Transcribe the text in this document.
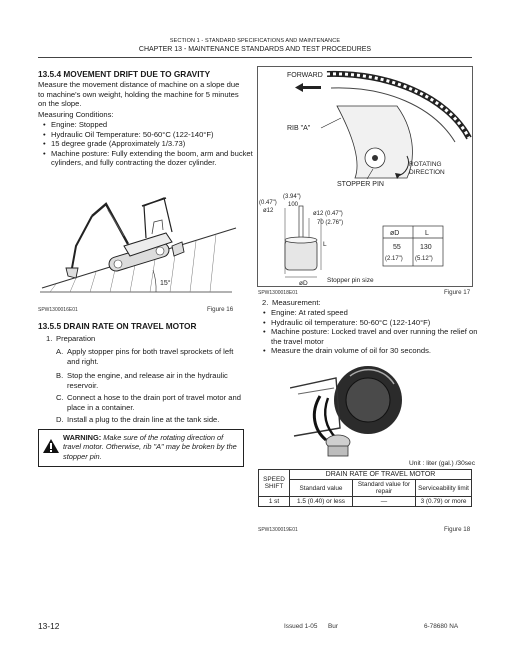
SECTION 1 - STANDARD SPECIFICATIONS AND MAINTENANCE
CHAPTER 13 - MAINTENANCE STANDARDS AND TEST PROCEDURES
13.5.4 MOVEMENT DRIFT DUE TO GRAVITY
Measure the movement distance of machine on a slope due to machine's own weight, holding the machine for 5 minutes on the slope.
Measuring Conditions:
• Engine: Stopped
• Hydraulic Oil Temperature: 50-60°C (122-140°F)
• 15 degree grade (Approximately 1/3.73)
• Machine posture: Fully extending the boom, arm and bucket cylinders, and fully contracting the dozer cylinder.
15°
SPW1300016E01	Figure 16
13.5.5 DRAIN RATE ON TRAVEL MOTOR
1. Preparation
A. Apply stopper pins for both travel sprockets of left and right.
B. Stop the engine, and release air in the hydraulic reservoir.
C. Connect a hose to the drain port of travel motor and place in a container.
D. Install a plug to the drain line at the tank side.
WARNING: Make sure of the rotating direction of travel motor. Otherwise, rib "A" may be broken by the stopper pin.
FORWARD
RIB "A"
ROTATING
DIRECTION
STOPPER PIN
(3.94")
100
(0.47")
ø12	ø12 (0.47")
70 (2.76")
L
øD	Stopper pin size
øD	L
55	130
(2.17") (5.12")
SPW1300018E01	Figure 17
2. Measurement:
• Engine: At rated speed
• Hydraulic oil temperature: 50-60°C (122-140°F)
• Machine posture: Locked travel and over running the relief on the travel motor
• Measure the drain volume of oil for 30 seconds.
Unit : liter (gal.) /30sec
SPEED
SHIFT	DRAIN RATE OF TRAVEL MOTOR		
	Standard value	Standard value for repair	Serviceability limit
1 st	1.5 (0.40) or less	—	3 (0.79) or more
SPW1300019E01	Figure 18
13-12	Issued 1-05 Bur	6-78680 NA
